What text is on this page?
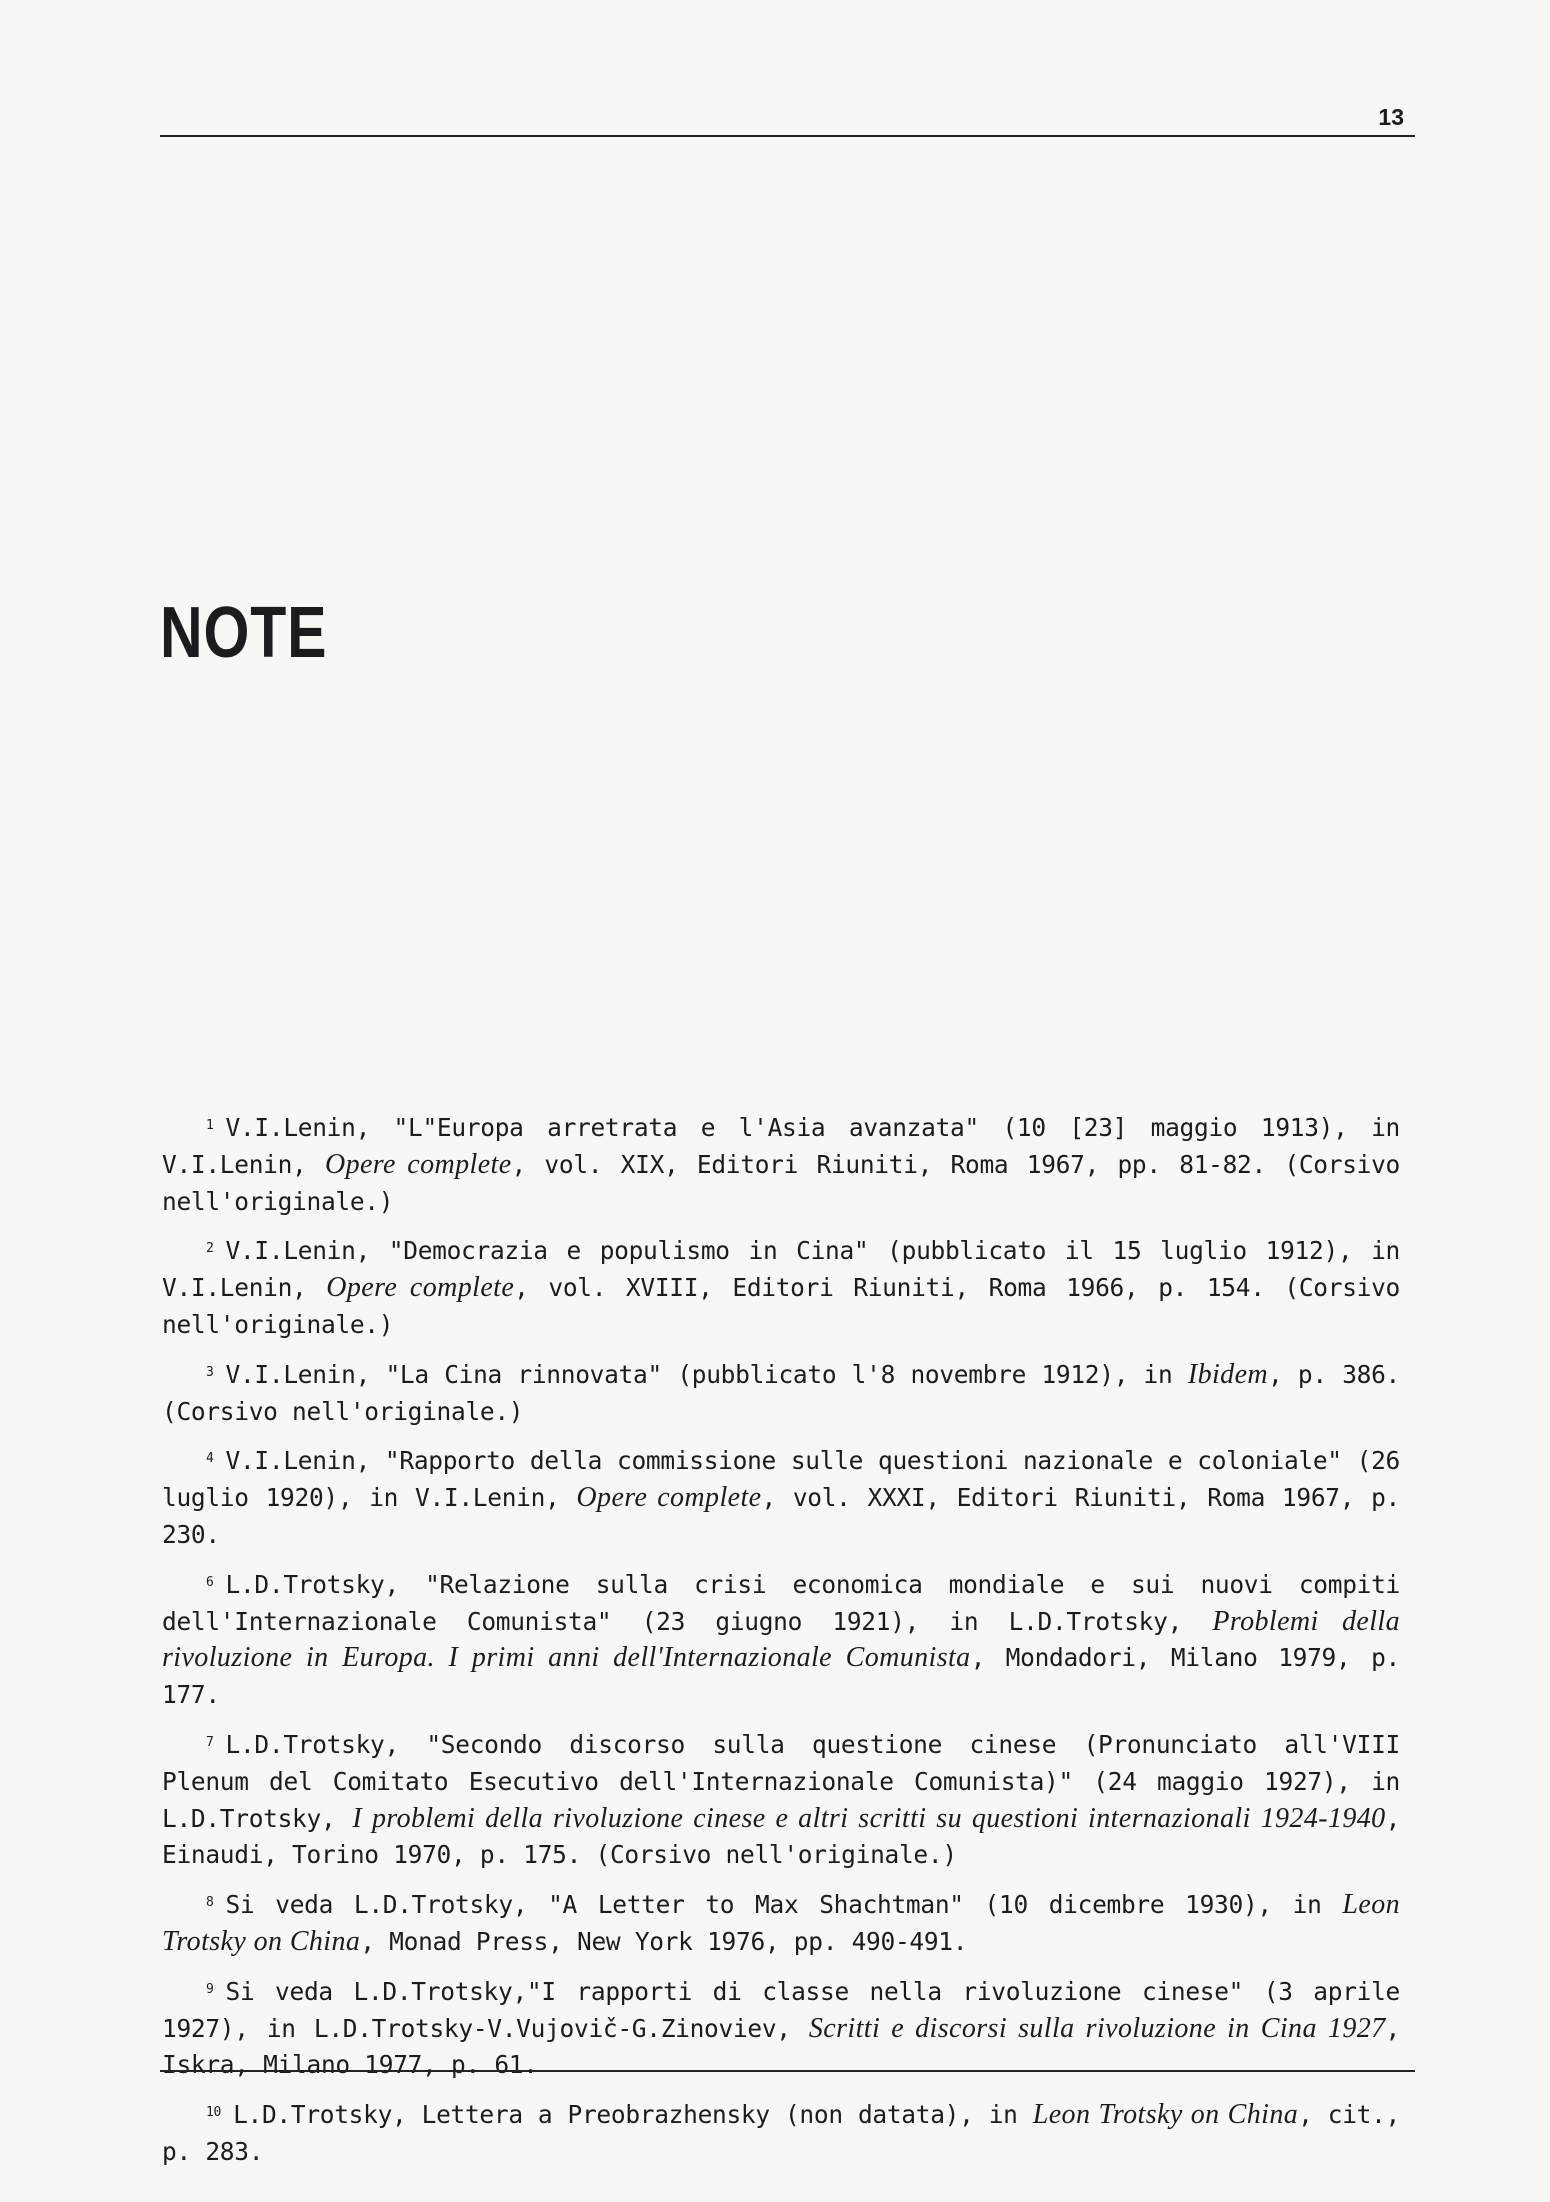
13
NOTE

$^1$ V.I.Lenin, "L"Europa arretrata e l'Asia avanzata" (10 [23] maggio 1913), in V.I.Lenin, Opere complete, vol. XIX, Editori Riuniti, Roma 1967, pp. 81-82. (Corsivo nell'originale.)

$^2$ V.I.Lenin, "Democrazia e populismo in Cina" (pubblicato il 15 luglio 1912), in V.I.Lenin, Opere complete, vol. XVIII, Editori Riuniti, Roma 1966, p. 154. (Corsivo nell'originale.)

$^3$ V.I.Lenin, "La Cina rinnovata" (pubblicato l'8 novembre 1912), in Ibidem, p. 386. (Corsivo nell'originale.)

$^4$ V.I.Lenin, "Rapporto della commissione sulle questioni nazionale e coloniale" (26 luglio 1920), in V.I.Lenin, Opere complete, vol. XXXI, Editori Riuniti, Roma 1967, p. 230.

$^6$ L.D.Trotsky, "Relazione sulla crisi economica mondiale e sui nuovi compiti dell'Internazionale Comunista" (23 giugno 1921), in L.D.Trotsky, Problemi della rivoluzione in Europa. I primi anni dell'Internazionale Comunista, Mondadori, Milano 1979, p. 177.

$^7$ L.D.Trotsky, "Secondo discorso sulla questione cinese (Pronunciato all'VIII Plenum del Comitato Esecutivo dell'Internazionale Comunista)" (24 maggio 1927), in L.D.Trotsky, I problemi della rivoluzione cinese e altri scritti su questioni internazionali 1924-1940, Einaudi, Torino 1970, p. 175. (Corsivo nell'originale.)

$^8$ Si veda L.D.Trotsky, "A Letter to Max Shachtman" (10 dicembre 1930), in Leon Trotsky on China, Monad Press, New York 1976, pp. 490-491.

$^9$ Si veda L.D.Trotsky,"I rapporti di classe nella rivoluzione cinese" (3 aprile 1927), in L.D.Trotsky-V.Vujovič-G.Zinoviev, Scritti e discorsi sulla rivoluzione in Cina 1927, Iskra, Milano 1977, p. 61.

$^{10}$ L.D.Trotsky, Lettera a Preobrazhensky (non datata), in Leon Trotsky on China, cit., p. 283.
